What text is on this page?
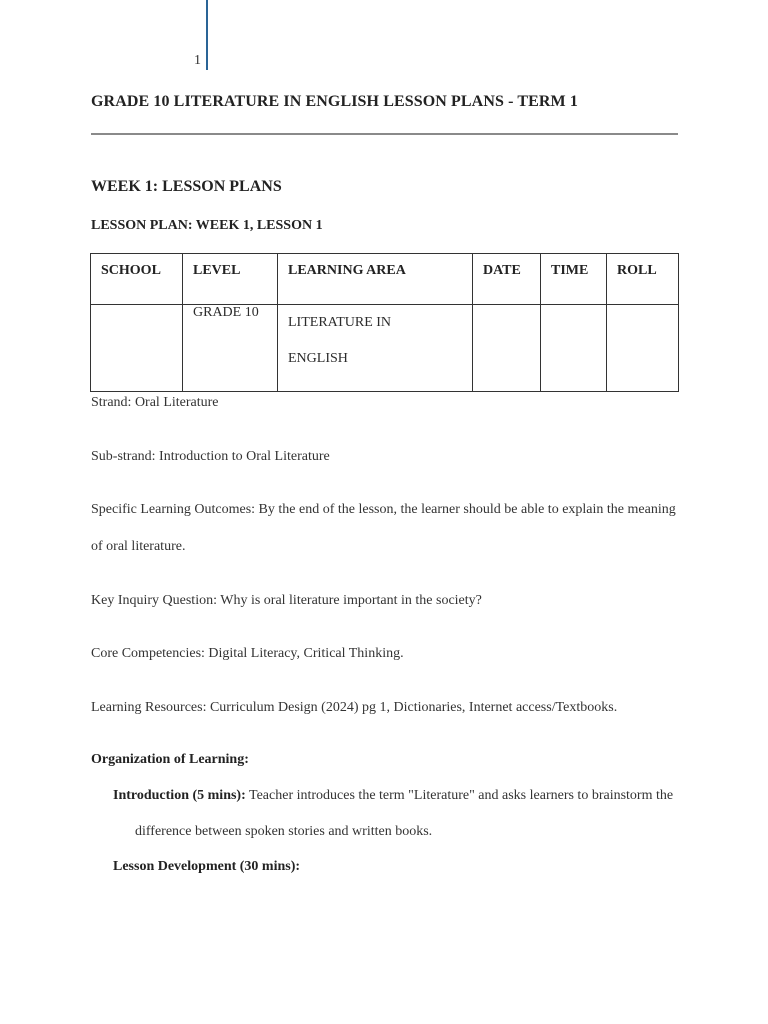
1
GRADE 10 LITERATURE IN ENGLISH LESSON PLANS - TERM 1
WEEK 1: LESSON PLANS
LESSON PLAN: WEEK 1, LESSON 1
SCHOOL	LEVEL	LEARNING AREA	DATE	TIME	ROLL
	GRADE 10	LITERATURE IN
ENGLISH			

Strand: Oral Literature

Sub-strand: Introduction to Oral Literature

Specific Learning Outcomes: By the end of the lesson, the learner should be able to explain the meaning of oral literature.

Key Inquiry Question: Why is oral literature important in the society?

Core Competencies: Digital Literacy, Critical Thinking.

Learning Resources: Curriculum Design (2024) pg 1, Dictionaries, Internet access/Textbooks.

Organization of Learning:

Introduction (5 mins): Teacher introduces the term "Literature" and asks learners to brainstorm the difference between spoken stories and written books.

Lesson Development (30 mins):
